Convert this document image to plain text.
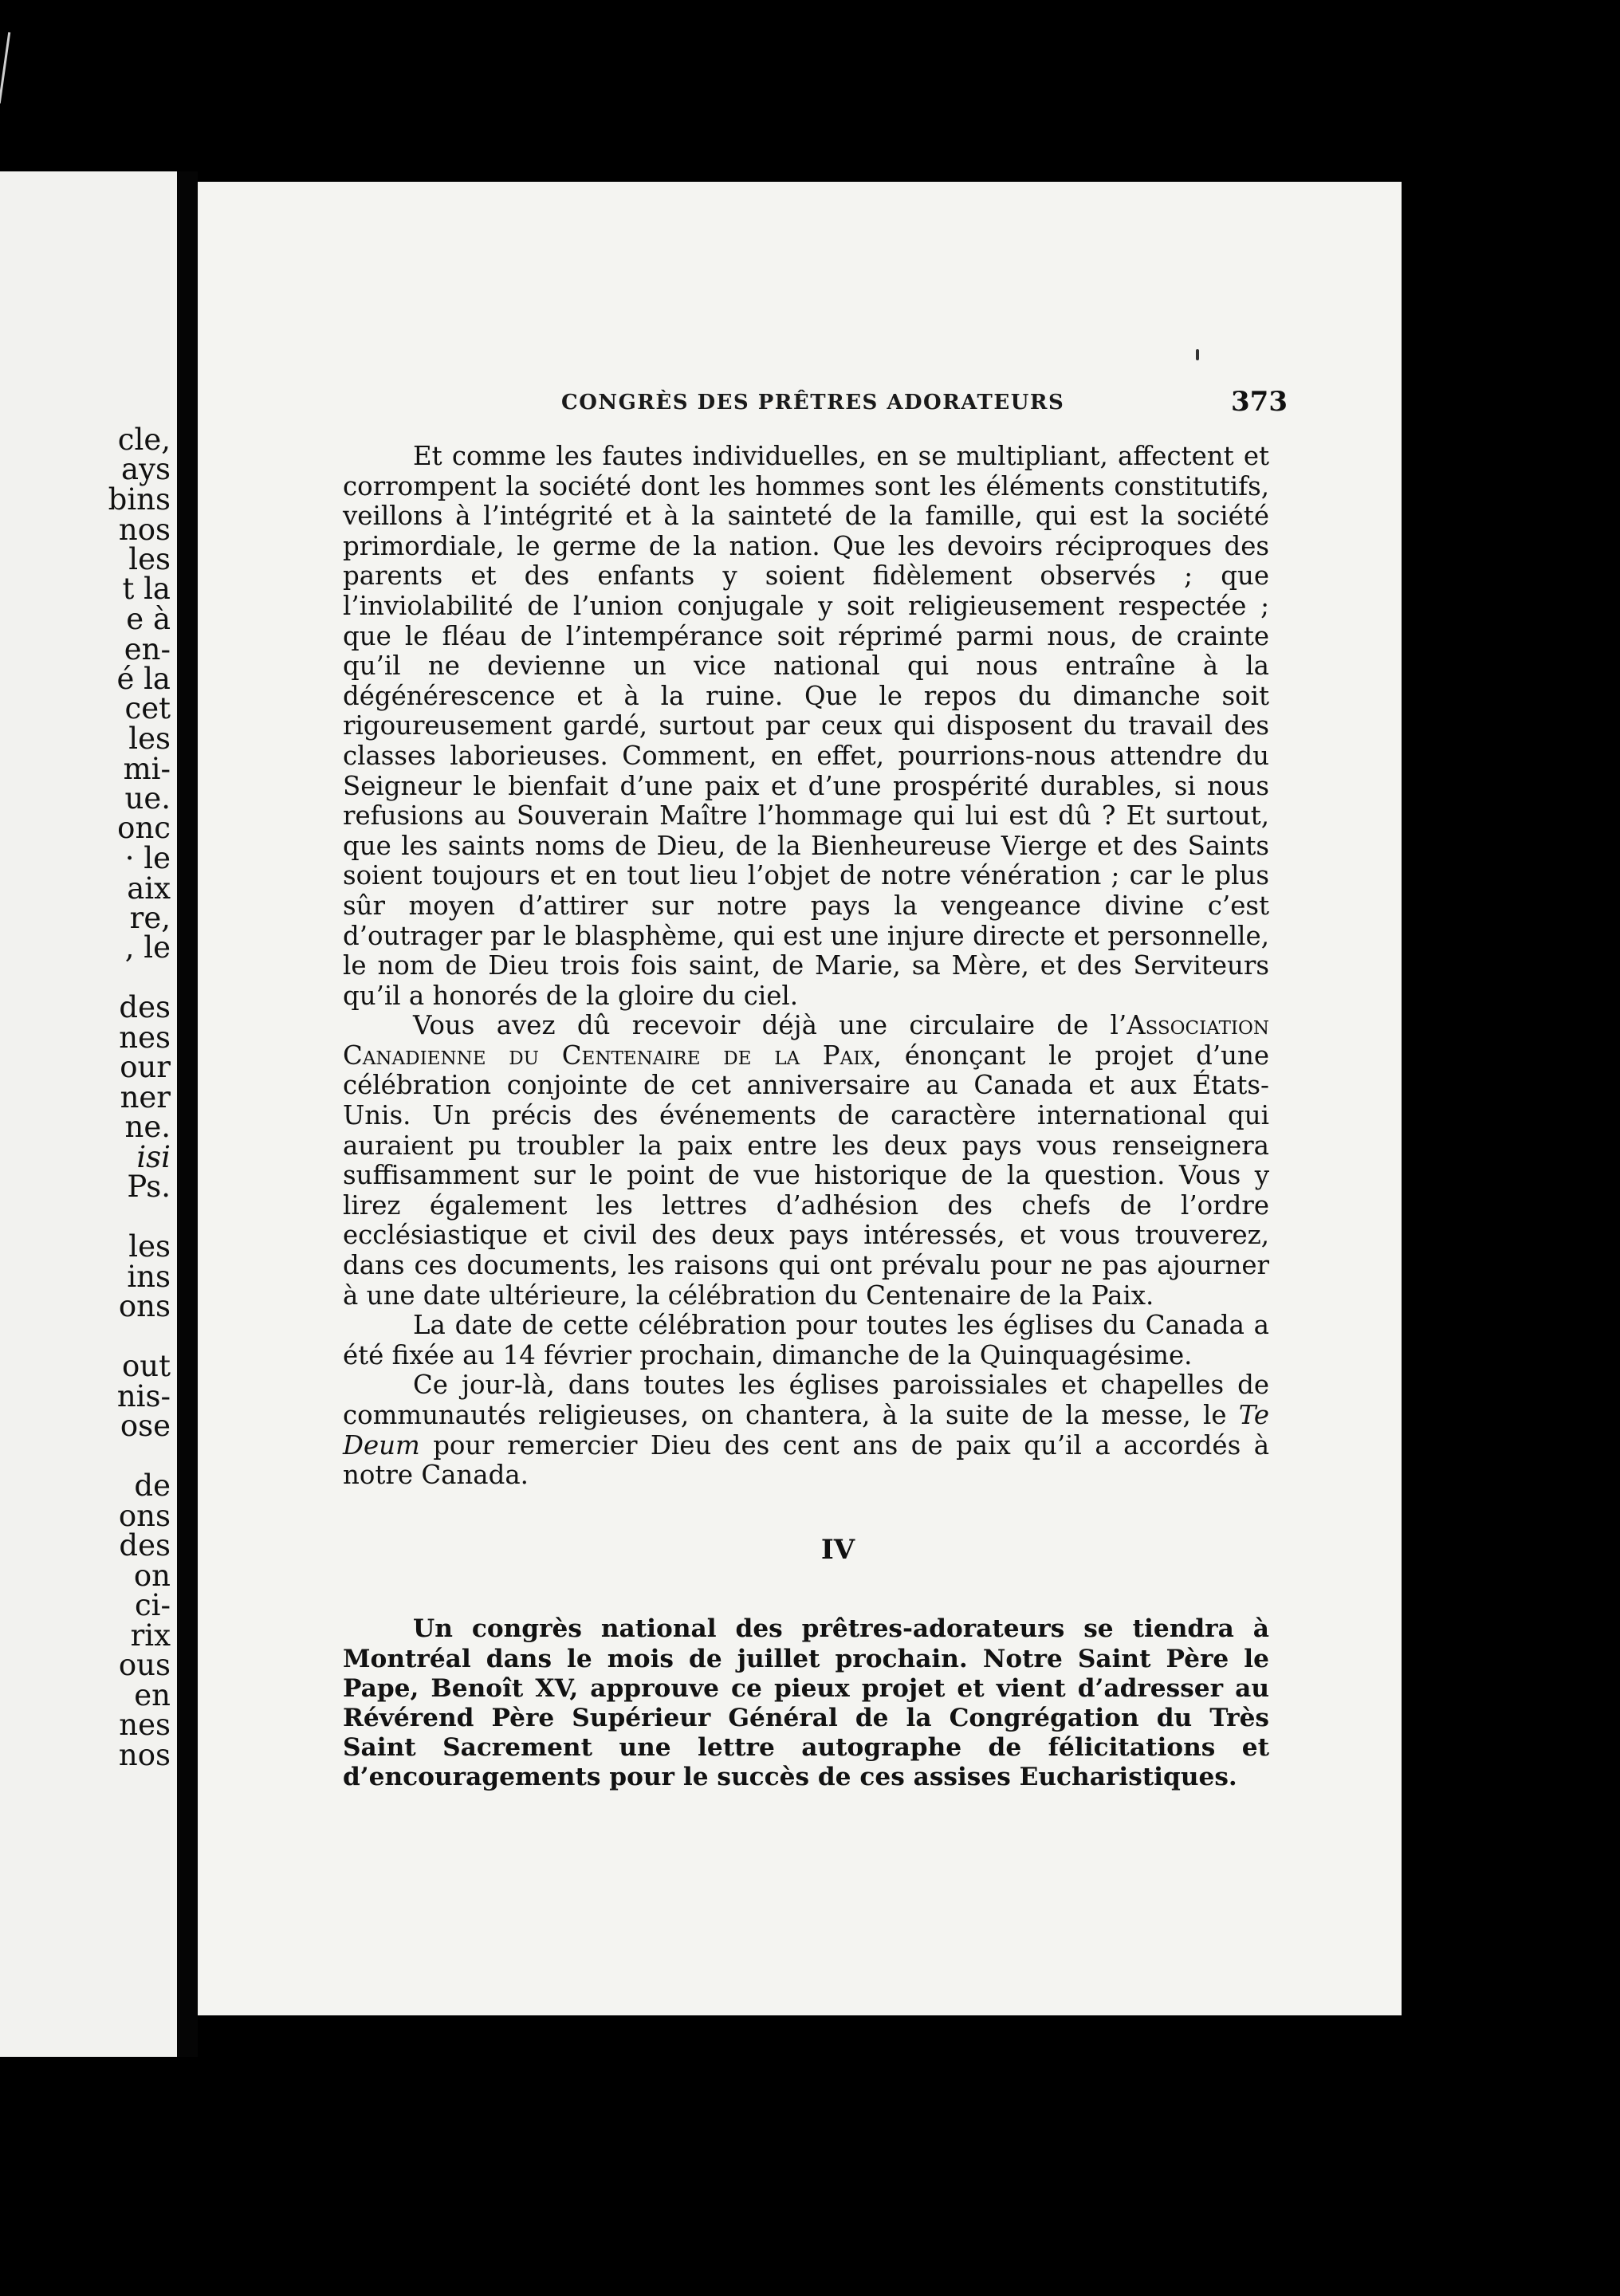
cle,
ays
bins
nos
les
t la
e à
en-
é la
cet
les
mi-
ue.
onc
· le
aix
re,
, le
des
nes
our
ner
ne.
isi
Ps.
les
ins
ons
out
nis-
ose
de
ons
des
on
ci-
rix
ous
en
nes
nos
CONGRÈS DES PRÊTRES ADORATEURS	373

Et comme les fautes individuelles, en se multipliant, affectent et corrompent la société dont les hommes sont les éléments constitutifs, veillons à l’intégrité et à la sainteté de la famille, qui est la société primordiale, le germe de la nation. Que les devoirs réciproques des parents et des enfants y soient fidèlement observés ; que l’inviolabilité de l’union conjugale y soit religieusement respectée ; que le fléau de l’intempérance soit réprimé parmi nous, de crainte qu’il ne devienne un vice national qui nous entraîne à la dégénérescence et à la ruine. Que le repos du dimanche soit rigoureusement gardé, surtout par ceux qui disposent du travail des classes laborieuses. Comment, en effet, pourrions-nous attendre du Seigneur le bienfait d’une paix et d’une prospérité durables, si nous refusions au Souverain Maître l’hommage qui lui est dû ? Et surtout, que les saints noms de Dieu, de la Bienheureuse Vierge et des Saints soient toujours et en tout lieu l’objet de notre vénération ; car le plus sûr moyen d’attirer sur notre pays la vengeance divine c’est d’outrager par le blasphème, qui est une injure directe et personnelle, le nom de Dieu trois fois saint, de Marie, sa Mère, et des Serviteurs qu’il a honorés de la gloire du ciel.

Vous avez dû recevoir déjà une circulaire de l’Association Canadienne du Centenaire de la Paix, énonçant le projet d’une célébration conjointe de cet anniversaire au Canada et aux États-Unis. Un précis des événements de caractère international qui auraient pu troubler la paix entre les deux pays vous renseignera suffisamment sur le point de vue historique de la question. Vous y lirez également les lettres d’adhésion des chefs de l’ordre ecclésiastique et civil des deux pays intéressés, et vous trouverez, dans ces documents, les raisons qui ont prévalu pour ne pas ajourner à une date ultérieure, la célébration du Centenaire de la Paix.

La date de cette célébration pour toutes les églises du Canada a été fixée au 14 février prochain, dimanche de la Quinquagésime.

Ce jour-là, dans toutes les églises paroissiales et chapelles de communautés religieuses, on chantera, à la suite de la messe, le Te Deum pour remercier Dieu des cent ans de paix qu’il a accordés à notre Canada.

IV

Un congrès national des prêtres-adorateurs se tiendra à Montréal dans le mois de juillet prochain. Notre Saint Père le Pape, Benoît XV, approuve ce pieux projet et vient d’adresser au Révérend Père Supérieur Général de la Congrégation du Très Saint Sacrement une lettre autographe de félicitations et d’encouragements pour le succès de ces assises Eucharistiques.
